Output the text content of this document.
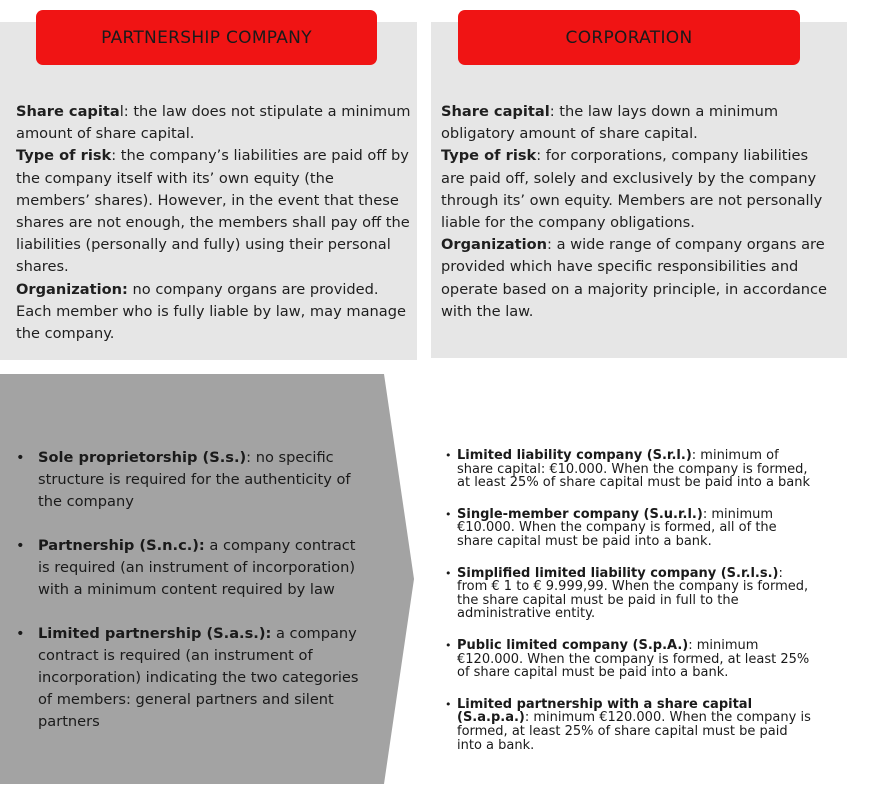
PARTNERSHIP COMPANY	CORPORATION

Share capital: the law does not stipulate a minimum amount of share capital.

Type of risk: the company’s liabilities are paid off by the company itself with its’ own equity (the members’ shares). However, in the event that these shares are not enough, the members shall pay off the liabilities (personally and fully) using their personal shares.

Organization: no company organs are provided. Each member who is fully liable by law, may manage the company.

Share capital: the law lays down a minimum obligatory amount of share capital.

Type of risk: for corporations, company liabilities are paid off, solely and exclusively by the company through its’ own equity. Members are not personally liable for the company obligations.

Organization: a wide range of company organs are provided which have specific responsibilities and operate based on a majority principle, in accordance with the law.

• Sole proprietorship (S.s.): no specific structure is required for the authenticity of the company
• Partnership (S.n.c.): a company contract is required (an instrument of incorporation) with a minimum content required by law
• Limited partnership (S.a.s.): a company contract is required (an instrument of incorporation) indicating the two categories of members: general partners and silent partners
• Limited liability company (S.r.l.): minimum of share capital: €10.000. When the company is formed, at least 25% of share capital must be paid into a bank
• Single-member company (S.u.r.l.): minimum €10.000. When the company is formed, all of the share capital must be paid into a bank.
• Simplified limited liability company (S.r.l.s.): from € 1 to € 9.999,99. When the company is formed, the share capital must be paid in full to the administrative entity.
• Public limited company (S.p.A.): minimum €120.000. When the company is formed, at least 25% of share capital must be paid into a bank.
• Limited partnership with a share capital (S.a.p.a.): minimum €120.000. When the company is formed, at least 25% of share capital must be paid into a bank.
